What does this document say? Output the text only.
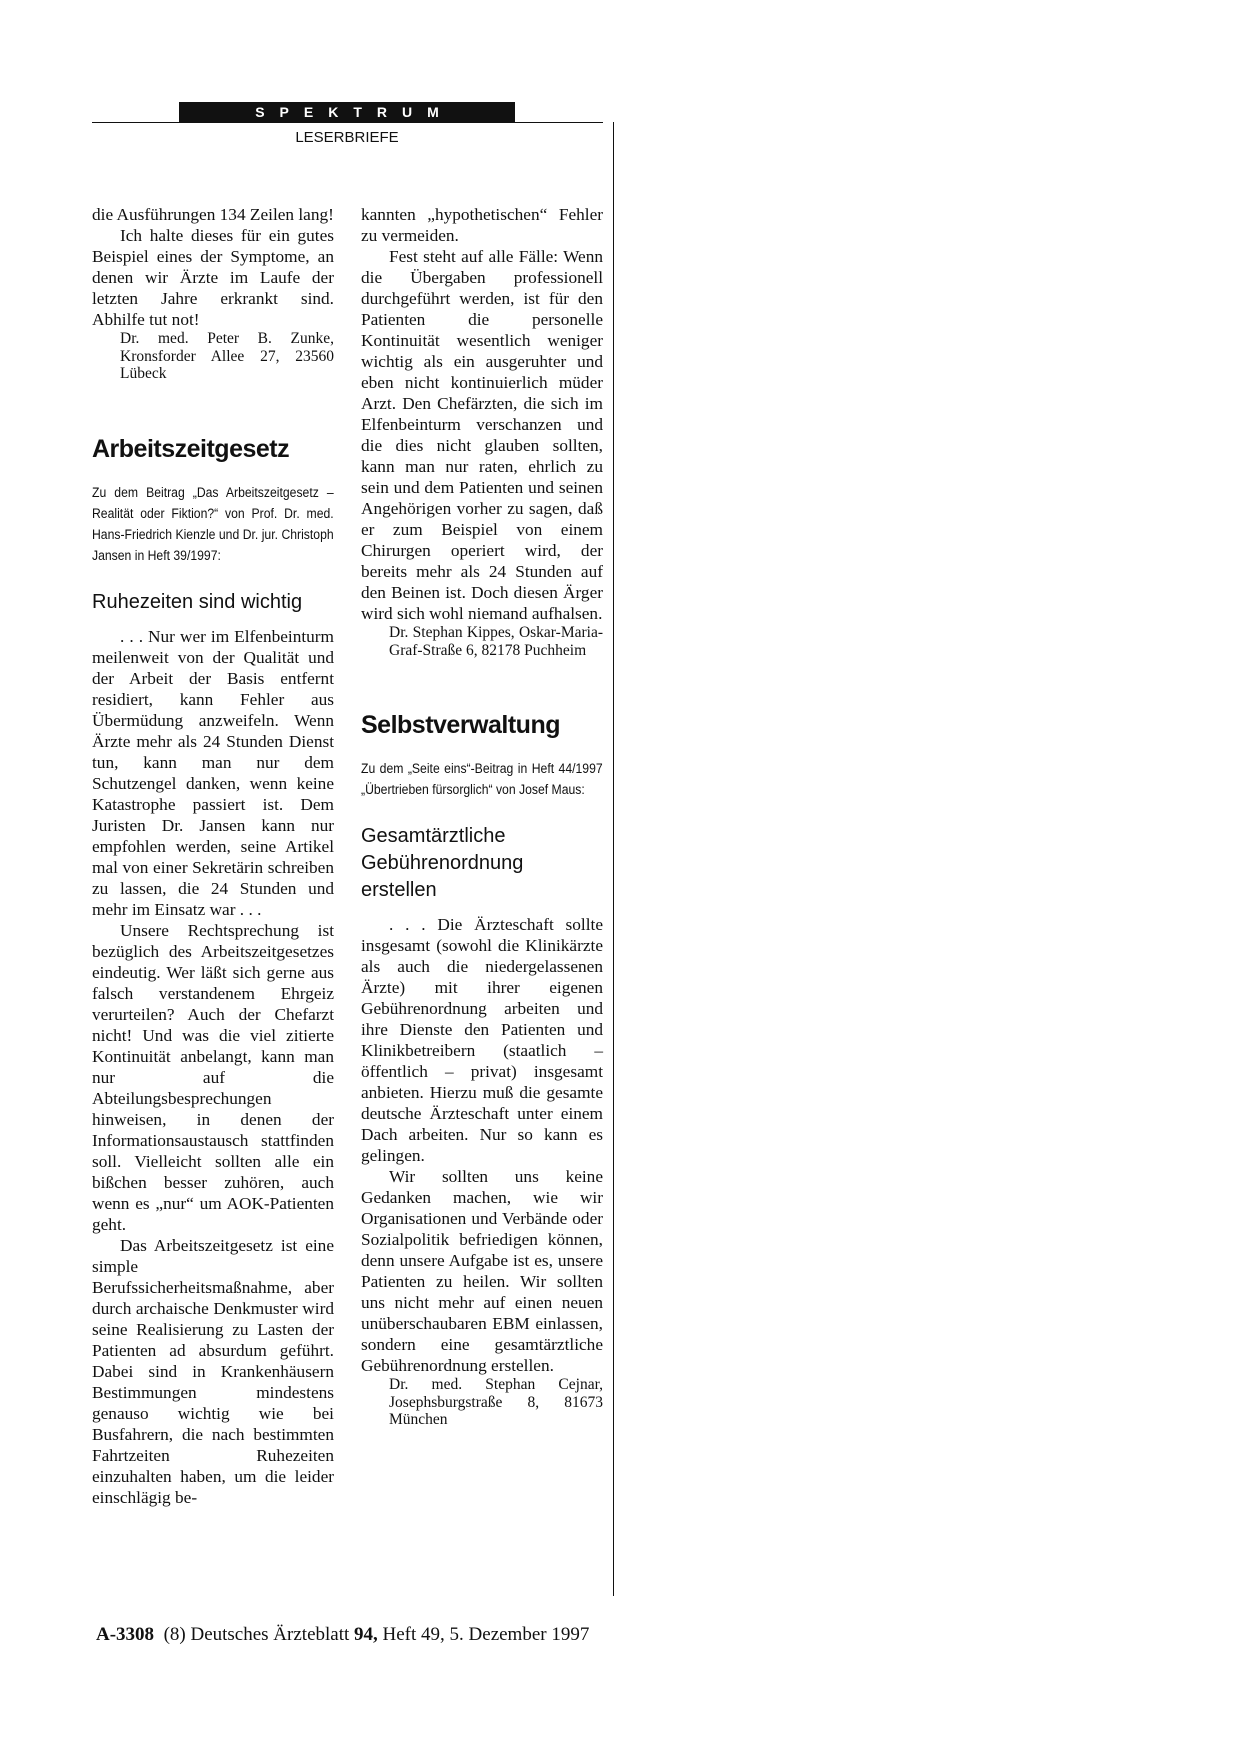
SPEKTRUM
LESERBRIEFE

die Ausführungen 134 Zeilen lang!

Ich halte dieses für ein gutes Beispiel eines der Symptome, an denen wir Ärzte im Laufe der letzten Jahre erkrankt sind. Abhilfe tut not!

Dr. med. Peter B. Zunke, Kronsforder Allee 27, 23560 Lübeck

Arbeitszeitgesetz
Zu dem Beitrag „Das Arbeitszeitgesetz – Realität oder Fiktion?“ von Prof. Dr. med. Hans-Friedrich Kienzle und Dr. jur. Christoph Jansen in Heft 39/1997:
Ruhezeiten sind wichtig

. . . Nur wer im Elfenbeinturm meilenweit von der Qualität und der Arbeit der Basis entfernt residiert, kann Fehler aus Übermüdung anzweifeln. Wenn Ärzte mehr als 24 Stunden Dienst tun, kann man nur dem Schutzengel danken, wenn keine Katastrophe passiert ist. Dem Juristen Dr. Jansen kann nur empfohlen werden, seine Artikel mal von einer Sekretärin schreiben zu lassen, die 24 Stunden und mehr im Einsatz war . . .

Unsere Rechtsprechung ist bezüglich des Arbeitszeitgesetzes eindeutig. Wer läßt sich gerne aus falsch verstandenem Ehrgeiz verurteilen? Auch der Chefarzt nicht! Und was die viel zitierte Kontinuität anbelangt, kann man nur auf die Abteilungsbesprechungen hinweisen, in denen der Informationsaustausch stattfinden soll. Vielleicht sollten alle ein bißchen besser zuhören, auch wenn es „nur“ um AOK-Patienten geht.

Das Arbeitszeitgesetz ist eine simple Berufssicherheitsmaßnahme, aber durch archaische Denkmuster wird seine Realisierung zu Lasten der Patienten ad absurdum geführt. Dabei sind in Krankenhäusern Bestimmungen mindestens genauso wichtig wie bei Busfahrern, die nach bestimmten Fahrtzeiten Ruhezeiten einzuhalten haben, um die leider einschlägig be-

kannten „hypothetischen“ Fehler zu vermeiden.

Fest steht auf alle Fälle: Wenn die Übergaben professionell durchgeführt werden, ist für den Patienten die personelle Kontinuität wesentlich weniger wichtig als ein ausgeruhter und eben nicht kontinuierlich müder Arzt. Den Chefärzten, die sich im Elfenbeinturm verschanzen und die dies nicht glauben sollten, kann man nur raten, ehrlich zu sein und dem Patienten und seinen Angehörigen vorher zu sagen, daß er zum Beispiel von einem Chirurgen operiert wird, der bereits mehr als 24 Stunden auf den Beinen ist. Doch diesen Ärger wird sich wohl niemand aufhalsen.

Dr. Stephan Kippes, Oskar-Maria-Graf-Straße 6, 82178 Puchheim

Selbstverwaltung
Zu dem „Seite eins“-Beitrag in Heft 44/1997 „Übertrieben fürsorglich“ von Josef Maus:
Gesamtärztliche Gebührenordnung erstellen

. . . Die Ärzteschaft sollte insgesamt (sowohl die Klinikärzte als auch die niedergelassenen Ärzte) mit ihrer eigenen Gebührenordnung arbeiten und ihre Dienste den Patienten und Klinikbetreibern (staatlich – öffentlich – privat) insgesamt anbieten. Hierzu muß die gesamte deutsche Ärzteschaft unter einem Dach arbeiten. Nur so kann es gelingen.

Wir sollten uns keine Gedanken machen, wie wir Organisationen und Verbände oder Sozialpolitik befriedigen können, denn unsere Aufgabe ist es, unsere Patienten zu heilen. Wir sollten uns nicht mehr auf einen neuen unüberschaubaren EBM einlassen, sondern eine gesamtärztliche Gebührenordnung erstellen.

Dr. med. Stephan Cejnar, Josephsburgstraße 8, 81673 München

A-3308 (8) Deutsches Ärzteblatt 94, Heft 49, 5. Dezember 1997
